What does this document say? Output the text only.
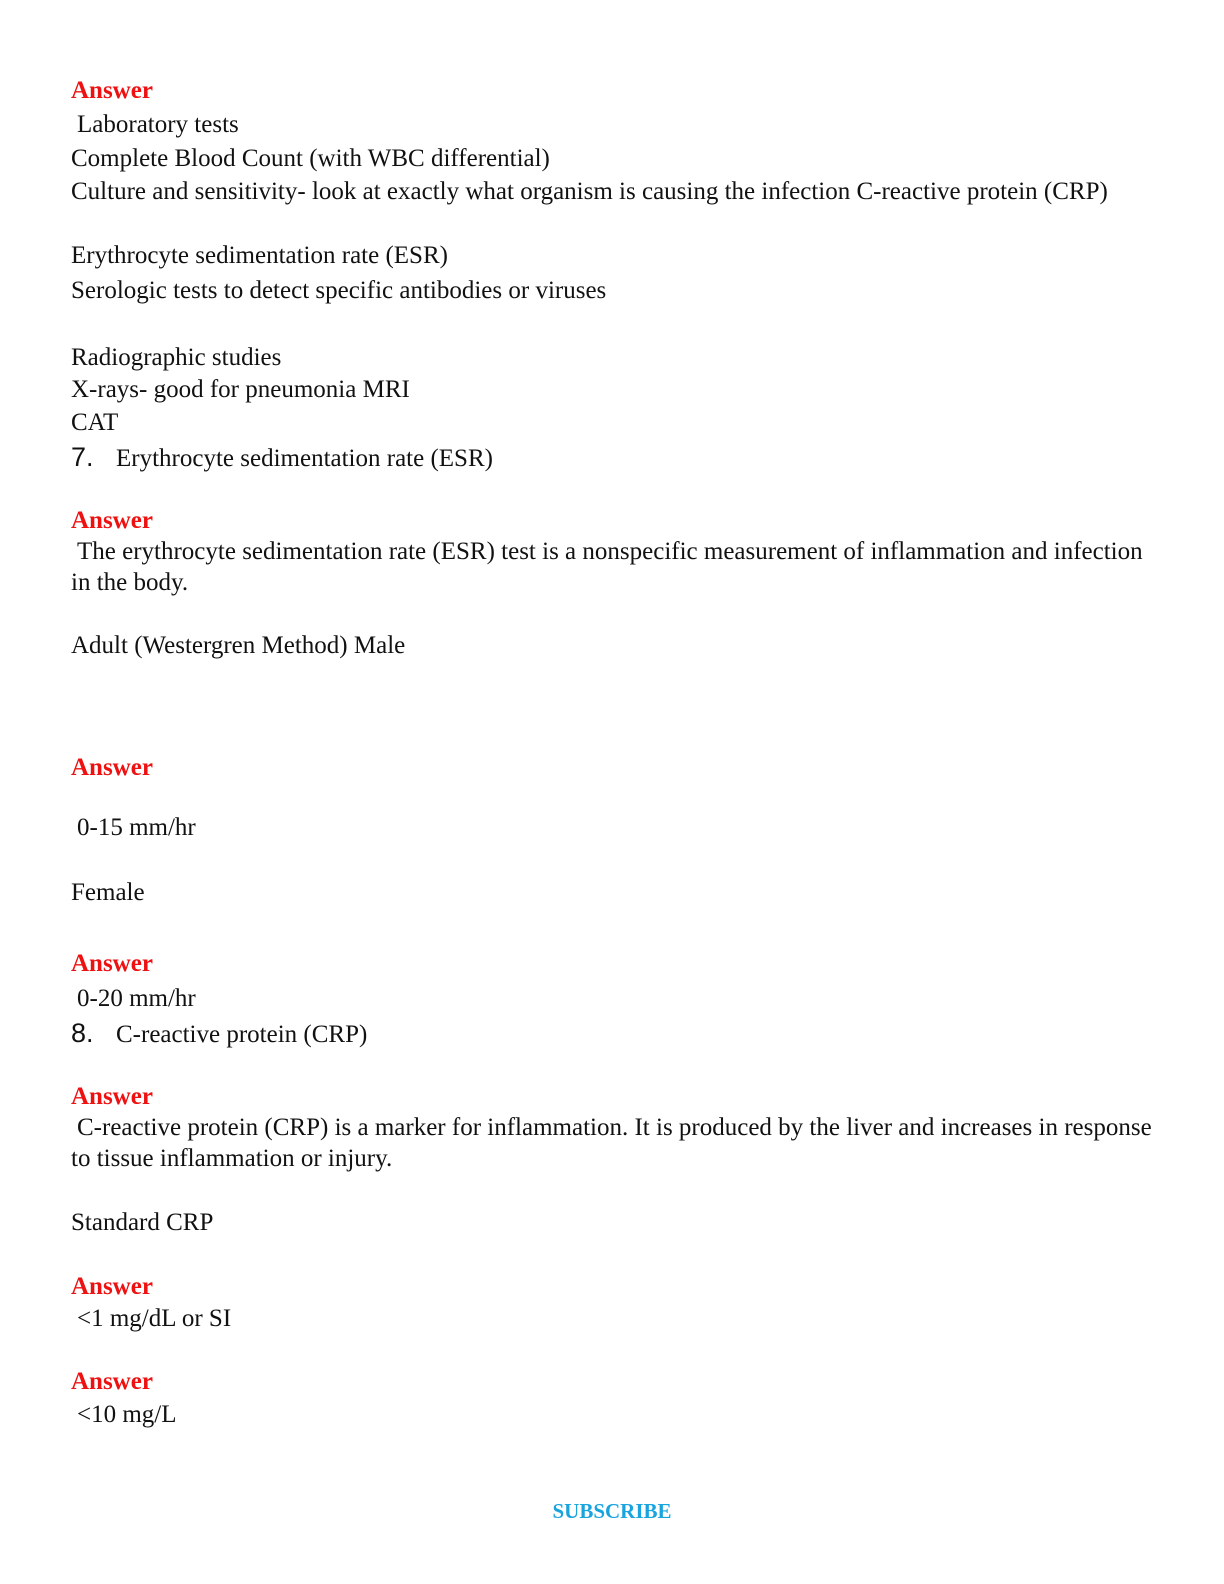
Answer
Laboratory tests
Complete Blood Count (with WBC differential)
Culture and sensitivity- look at exactly what organism is causing the infection C-reactive protein (CRP)
Erythrocyte sedimentation rate (ESR)
Serologic tests to detect specific antibodies or viruses
Radiographic studies
X-rays- good for pneumonia MRI
CAT
7. Erythrocyte sedimentation rate (ESR)
Answer
The erythrocyte sedimentation rate (ESR) test is a nonspecific measurement of inflammation and infection in the body.
Adult (Westergren Method) Male
Answer
0-15 mm/hr
Female
Answer
0-20 mm/hr
8. C-reactive protein (CRP)
Answer
C-reactive protein (CRP) is a marker for inflammation. It is produced by the liver and increases in response to tissue inflammation or injury.
Standard CRP
Answer
<1 mg/dL or SI
Answer
<10 mg/L
SUBSCRIBE
